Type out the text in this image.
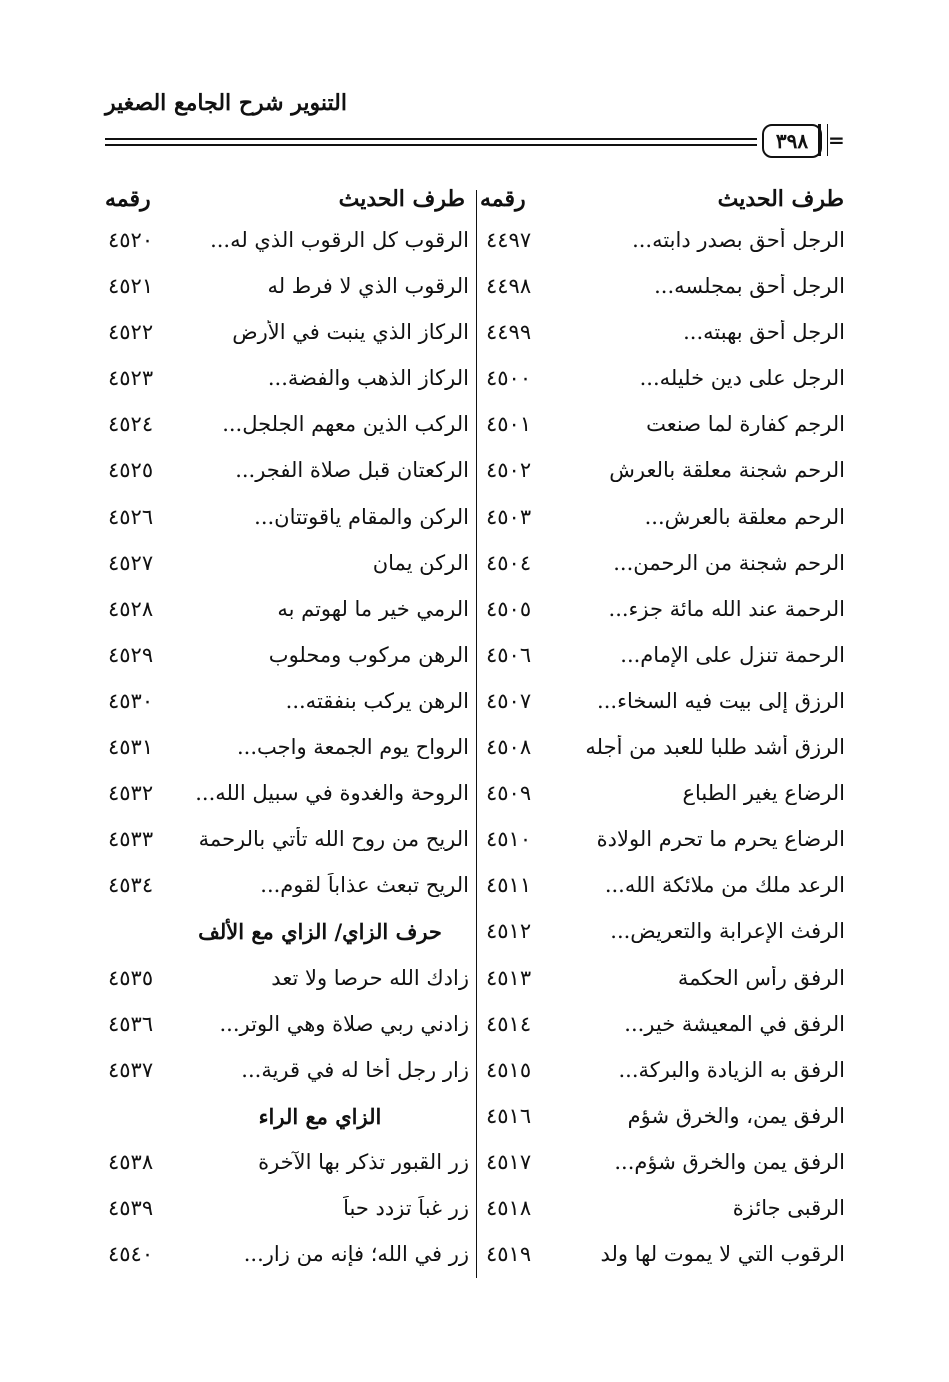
التنوير شرح الجامع الصغير
٣٩٨ =
طرف الحديث
رقمه
طرف الحديث
رقمه
الرجل أحق بصدر دابته...
٤٤٩٧
الرقوب كل الرقوب الذي له...
٤٥٢٠
الرجل أحق بمجلسه...
٤٤٩٨
الرقوب الذي لا فرط له
٤٥٢١
الرجل أحق بهبته...
٤٤٩٩
الركاز الذي ينبت في الأرض
٤٥٢٢
الرجل على دين خليله...
٤٥٠٠
الركاز الذهب والفضة...
٤٥٢٣
الرجم كفارة لما صنعت
٤٥٠١
الركب الذين معهم الجلجل...
٤٥٢٤
الرحم شجنة معلقة بالعرش
٤٥٠٢
الركعتان قبل صلاة الفجر...
٤٥٢٥
الرحم معلقة بالعرش...
٤٥٠٣
الركن والمقام ياقوتتان...
٤٥٢٦
الرحم شجنة من الرحمن...
٤٥٠٤
الركن يمان
٤٥٢٧
الرحمة عند الله مائة جزء...
٤٥٠٥
الرمي خير ما لهوتم به
٤٥٢٨
الرحمة تنزل على الإمام...
٤٥٠٦
الرهن مركوب ومحلوب
٤٥٢٩
الرزق إلى بيت فيه السخاء...
٤٥٠٧
الرهن يركب بنفقته...
٤٥٣٠
الرزق أشد طلبا للعبد من أجله
٤٥٠٨
الرواح يوم الجمعة واجب...
٤٥٣١
الرضاع يغير الطباع
٤٥٠٩
الروحة والغدوة في سبيل الله...
٤٥٣٢
الرضاع يحرم ما تحرم الولادة
٤٥١٠
الريح من روح الله تأتي بالرحمة
٤٥٣٣
الرعد ملك من ملائكة الله...
٤٥١١
الريح تبعث عذاباً لقوم...
٤٥٣٤
الرفث الإعرابة والتعريض...
٤٥١٢
حرف الزاي/ الزاي مع الألف
الرفق رأس الحكمة
٤٥١٣
زادك الله حرصا ولا تعد
٤٥٣٥
الرفق في المعيشة خير...
٤٥١٤
زادني ربي صلاة وهي الوتر...
٤٥٣٦
الرفق به الزيادة والبركة...
٤٥١٥
زار رجل أخا له في قرية...
٤٥٣٧
الرفق يمن، والخرق شؤم
٤٥١٦
الزاي مع الراء
الرفق يمن والخرق شؤم...
٤٥١٧
زر القبور تذكر بها الآخرة
٤٥٣٨
الرقبى جائزة
٤٥١٨
زر غباً تزدد حباً
٤٥٣٩
الرقوب التي لا يموت لها ولد
٤٥١٩
زر في الله؛ فإنه من زار...
٤٥٤٠
